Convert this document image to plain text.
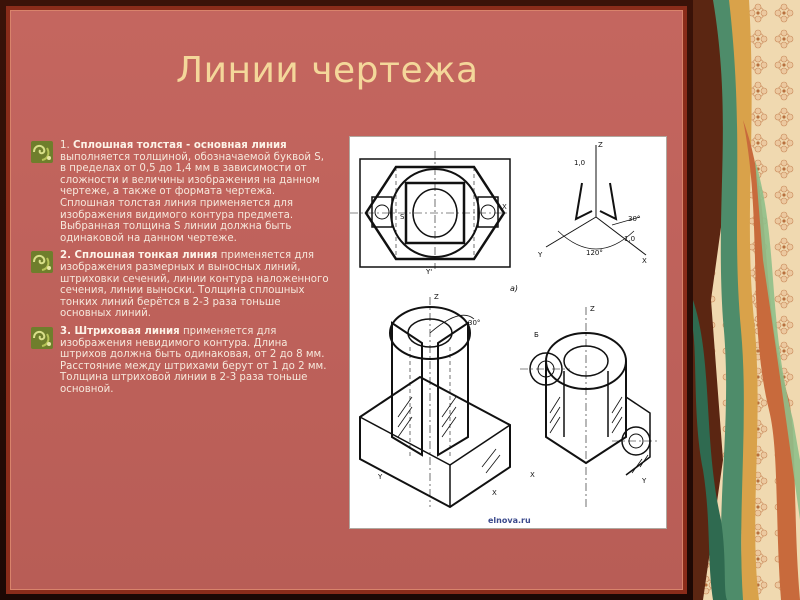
Линии чертежа
1. Сплошная толстая - основная линия выполняется толщиной, обозначаемой буквой S, в пределах от 0,5 до 1,4 мм в зависимости от сложности и величины изображения на данном чертеже, а также от формата чертежа. Сплошная толстая линия применяется для изображения видимого контура предмета. Выбранная толщина S линии должна быть одинаковой на данном чертеже.
2. Сплошная тонкая линия применяется для изображения размерных и выносных линий, штриховки сечений, линии контура наложенного сечения, линии выноски. Толщина сплошных тонких линий берётся в 2-3 раза тоньше основных линий.
3. Штриховая линия применяется для изображения невидимого контура. Длина штрихов должна быть одинаковая, от 2 до 8 мм. Расстояние между штрихами берут от 1 до 2 мм. Толщина штриховой линии в 2-3 раза тоньше основной.
X
Y'
S
Z
Y
X
30°
120°
1,0
1,0
а)
Z
30°
Y
X
Z
Б
X
Y
elnova.ru
